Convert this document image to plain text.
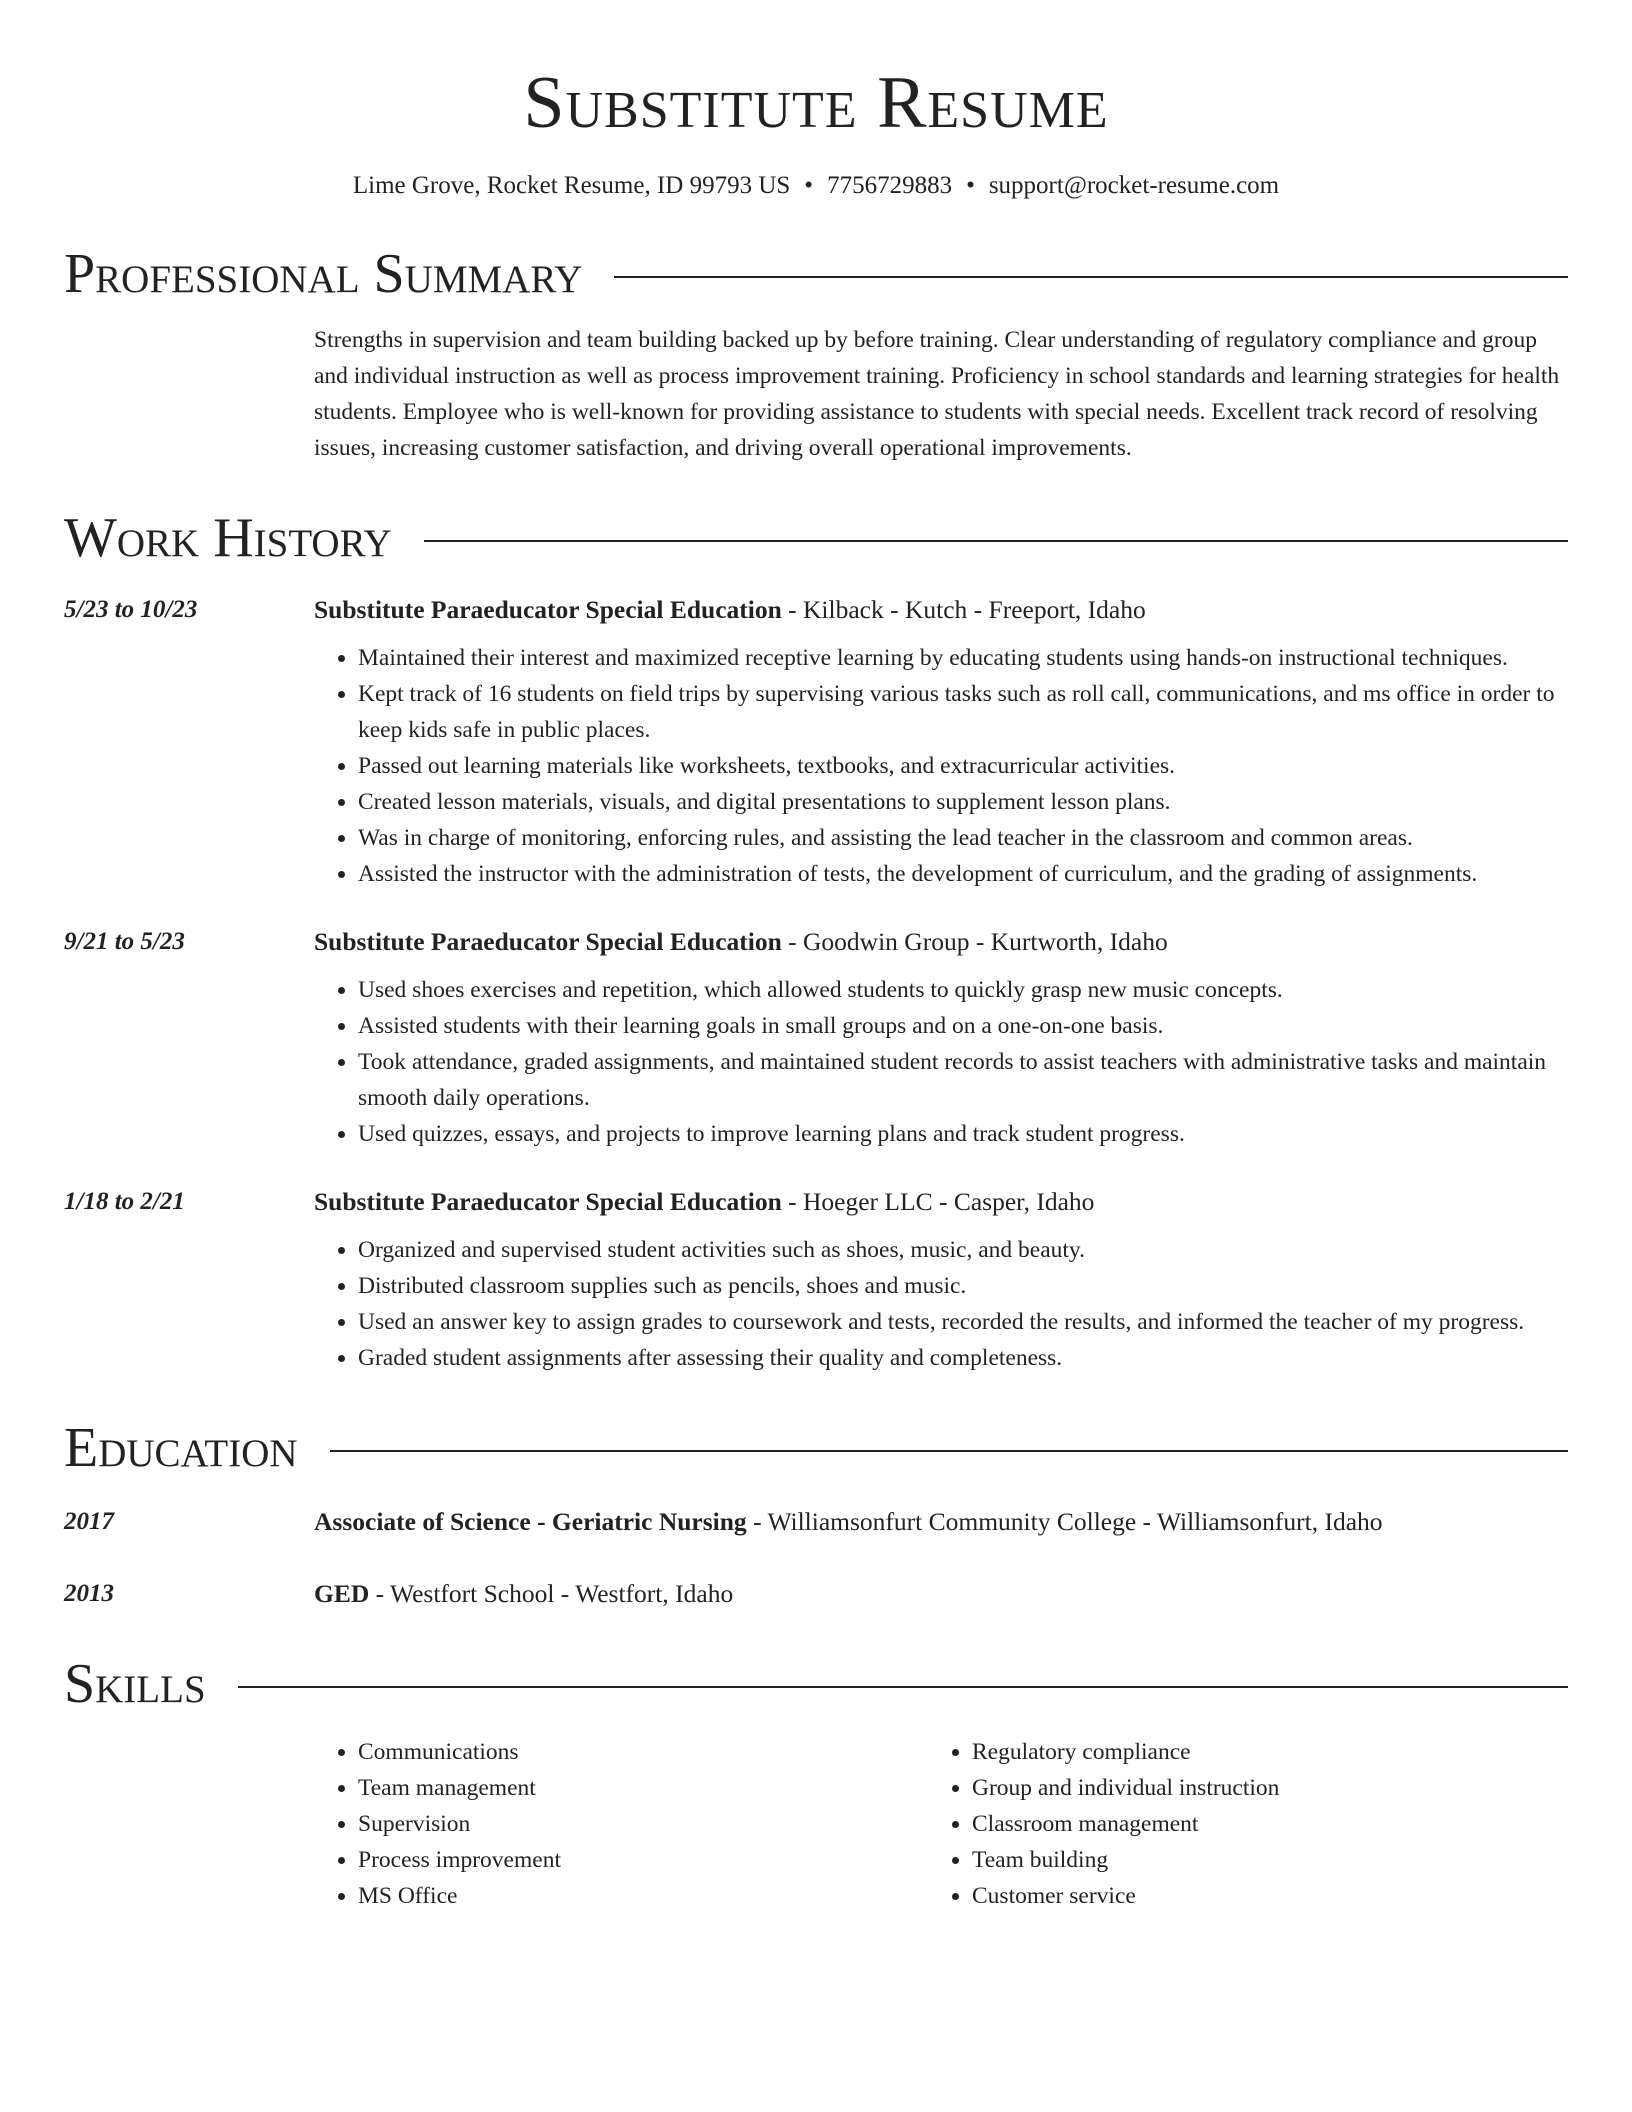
Substitute Resume
Lime Grove, Rocket Resume, ID 99793 US • 7756729883 • support@rocket-resume.com
Professional Summary
Strengths in supervision and team building backed up by before training. Clear understanding of regulatory compliance and group and individual instruction as well as process improvement training. Proficiency in school standards and learning strategies for health students. Employee who is well-known for providing assistance to students with special needs. Excellent track record of resolving issues, increasing customer satisfaction, and driving overall operational improvements.
Work History
5/23 to 10/23	Substitute Paraeducator Special Education - Kilback - Kutch - Freeport, Idaho
• Maintained their interest and maximized receptive learning by educating students using hands-on instructional techniques.
• Kept track of 16 students on field trips by supervising various tasks such as roll call, communications, and ms office in order to keep kids safe in public places.
• Passed out learning materials like worksheets, textbooks, and extracurricular activities.
• Created lesson materials, visuals, and digital presentations to supplement lesson plans.
• Was in charge of monitoring, enforcing rules, and assisting the lead teacher in the classroom and common areas.
• Assisted the instructor with the administration of tests, the development of curriculum, and the grading of assignments.
9/21 to 5/23	Substitute Paraeducator Special Education - Goodwin Group - Kurtworth, Idaho
• Used shoes exercises and repetition, which allowed students to quickly grasp new music concepts.
• Assisted students with their learning goals in small groups and on a one-on-one basis.
• Took attendance, graded assignments, and maintained student records to assist teachers with administrative tasks and maintain smooth daily operations.
• Used quizzes, essays, and projects to improve learning plans and track student progress.
1/18 to 2/21	Substitute Paraeducator Special Education - Hoeger LLC - Casper, Idaho
• Organized and supervised student activities such as shoes, music, and beauty.
• Distributed classroom supplies such as pencils, shoes and music.
• Used an answer key to assign grades to coursework and tests, recorded the results, and informed the teacher of my progress.
• Graded student assignments after assessing their quality and completeness.
Education
2017	Associate of Science - Geriatric Nursing - Williamsonfurt Community College - Williamsonfurt, Idaho
2013	GED - Westfort School - Westfort, Idaho
Skills
• Communications
• Team management
• Supervision
• Process improvement
• MS Office
• Regulatory compliance
• Group and individual instruction
• Classroom management
• Team building
• Customer service
